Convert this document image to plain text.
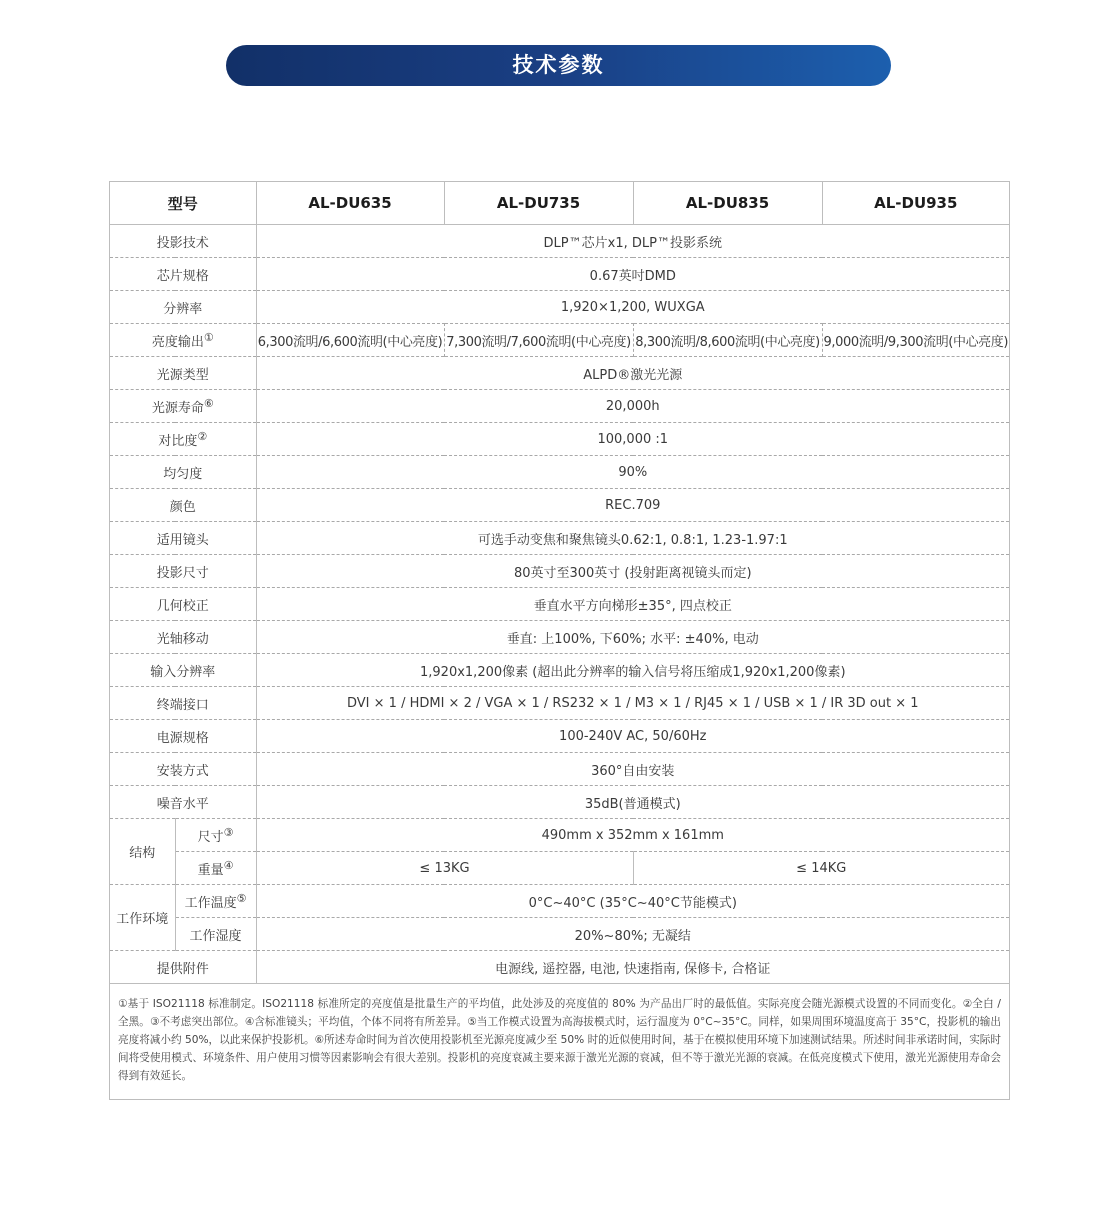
技术参数
型号		AL-DU635	AL-DU735	AL-DU835	AL-DU935
投影技术		DLP™芯片x1, DLP™投影系统			
芯片规格		0.67英吋DMD			
分辨率		1,920×1,200, WUXGA			
亮度输出①		6,300流明/6,600流明(中心亮度)	7,300流明/7,600流明(中心亮度)	8,300流明/8,600流明(中心亮度)	9,000流明/9,300流明(中心亮度)
光源类型		ALPD®激光光源			
光源寿命⑥		20,000h			
对比度②		100,000 :1			
均匀度		90%			
颜色		REC.709			
适用镜头		可选手动变焦和聚焦镜头0.62:1, 0.8:1, 1.23-1.97:1			
投影尺寸		80英寸至300英寸 (投射距离视镜头而定)			
几何校正		垂直水平方向梯形±35°, 四点校正			
光轴移动		垂直: 上100%, 下60%; 水平: ±40%, 电动			
输入分辨率		1,920x1,200像素 (超出此分辨率的输入信号将压缩成1,920x1,200像素)			
终端接口		DVI × 1 / HDMI × 2 / VGA × 1 / RS232 × 1 / M3 × 1 / RJ45 × 1 / USB × 1 / IR 3D out × 1			
电源规格		100-240V AC, 50/60Hz			
安装方式		360°自由安装			
噪音水平		35dB(普通模式)			
结构	尺寸③	490mm x 352mm x 161mm			
	重量④	≤ 13KG		≤ 14KG	
工作环境	工作温度⑤	0°C~40°C (35°C~40°C节能模式)			
	工作湿度	20%~80%; 无凝结			
提供附件		电源线, 遥控器, 电池, 快速指南, 保修卡, 合格证			
①基于 ISO21118 标准制定。ISO21118 标准所定的亮度值是批量生产的平均值，此处涉及的亮度值的 80% 为产品出厂时的最低值。实际亮度会随光源模式设置的不同而变化。②全白 / 全黑。③不考虑突出部位。④含标准镜头；平均值，个体不同将有所差异。⑤当工作模式设置为高海拔模式时，运行温度为 0°C~35°C。同样，如果周围环境温度高于 35°C，投影机的输出亮度将减小约 50%，以此来保护投影机。⑥所述寿命时间为首次使用投影机至光源亮度减少至 50% 时的近似使用时间，基于在模拟使用环境下加速测试结果。所述时间非承诺时间，实际时间将受使用模式、环境条件、用户使用习惯等因素影响会有很大差别。投影机的亮度衰减主要来源于激光光源的衰减，但不等于激光光源的衰减。在低亮度模式下使用，激光光源使用寿命会得到有效延长。
